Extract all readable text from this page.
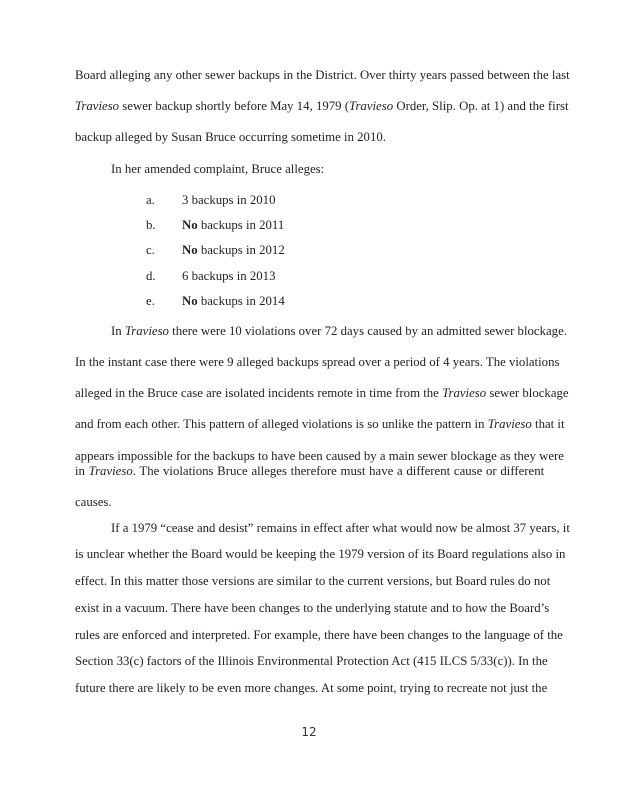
Board alleging any other sewer backups in the District. Over thirty years passed between the last
Travieso sewer backup shortly before May 14, 1979 (Travieso Order, Slip. Op. at 1) and the first
backup alleged by Susan Bruce occurring sometime in 2010.
In her amended complaint, Bruce alleges:
a. 3 backups in 2010
b. No backups in 2011
c. No backups in 2012
d. 6 backups in 2013
e. No backups in 2014
In Travieso there were 10 violations over 72 days caused by an admitted sewer blockage.
In the instant case there were 9 alleged backups spread over a period of 4 years. The violations
alleged in the Bruce case are isolated incidents remote in time from the Travieso sewer blockage
and from each other. This pattern of alleged violations is so unlike the pattern in Travieso that it
appears impossible for the backups to have been caused by a main sewer blockage as they were
in Travieso. The violations Bruce alleges therefore must have a different cause or different
causes.
If a 1979 “cease and desist” remains in effect after what would now be almost 37 years, it
is unclear whether the Board would be keeping the 1979 version of its Board regulations also in
effect. In this matter those versions are similar to the current versions, but Board rules do not
exist in a vacuum. There have been changes to the underlying statute and to how the Board’s
rules are enforced and interpreted. For example, there have been changes to the language of the
Section 33(c) factors of the Illinois Environmental Protection Act (415 ILCS 5/33(c)). In the
future there are likely to be even more changes. At some point, trying to recreate not just the
12
